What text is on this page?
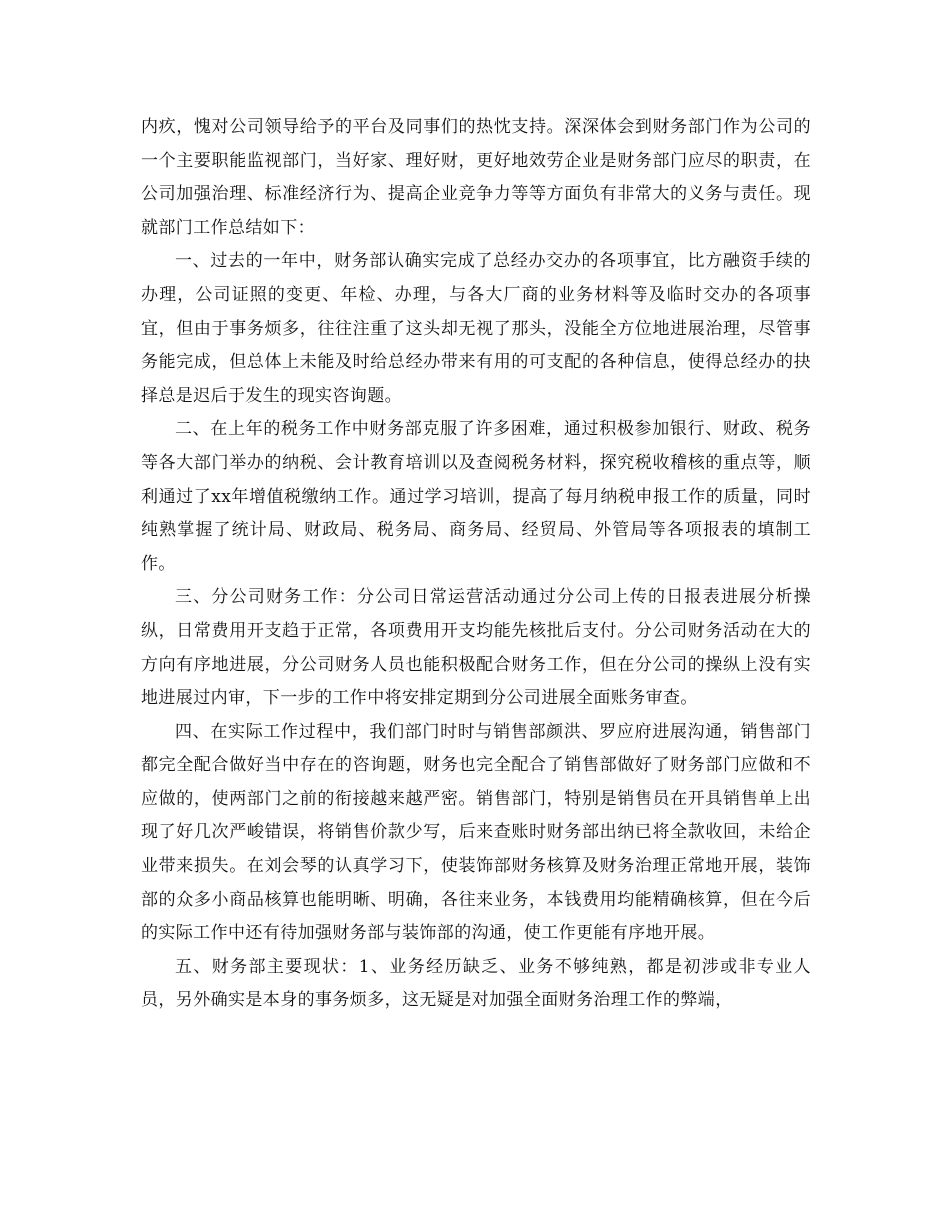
内疚，愧对公司领导给予的平台及同事们的热忱支持。深深体会到财务部门作为公司的一个主要职能监视部门，当好家、理好财，更好地效劳企业是财务部门应尽的职责，在公司加强治理、标准经济行为、提高企业竞争力等等方面负有非常大的义务与责任。现就部门工作总结如下：

一、过去的一年中，财务部认确实完成了总经办交办的各项事宜，比方融资手续的办理，公司证照的变更、年检、办理，与各大厂商的业务材料等及临时交办的各项事宜，但由于事务烦多，往往注重了这头却无视了那头，没能全方位地进展治理，尽管事务能完成，但总体上未能及时给总经办带来有用的可支配的各种信息，使得总经办的抉择总是迟后于发生的现实咨询题。

二、在上年的税务工作中财务部克服了许多困难，通过积极参加银行、财政、税务等各大部门举办的纳税、会计教育培训以及查阅税务材料，探究税收稽核的重点等，顺利通过了xx年增值税缴纳工作。通过学习培训，提高了每月纳税申报工作的质量，同时纯熟掌握了统计局、财政局、税务局、商务局、经贸局、外管局等各项报表的填制工作。

三、分公司财务工作：分公司日常运营活动通过分公司上传的日报表进展分析操纵，日常费用开支趋于正常，各项费用开支均能先核批后支付。分公司财务活动在大的方向有序地进展，分公司财务人员也能积极配合财务工作，但在分公司的操纵上没有实地进展过内审，下一步的工作中将安排定期到分公司进展全面账务审查。

四、在实际工作过程中，我们部门时时与销售部颜洪、罗应府进展沟通，销售部门都完全配合做好当中存在的咨询题，财务也完全配合了销售部做好了财务部门应做和不应做的，使两部门之前的衔接越来越严密。销售部门，特别是销售员在开具销售单上出现了好几次严峻错误，将销售价款少写，后来查账时财务部出纳已将全款收回，未给企业带来损失。在刘会琴的认真学习下，使装饰部财务核算及财务治理正常地开展，装饰部的众多小商品核算也能明晰、明确，各往来业务，本钱费用均能精确核算，但在今后的实际工作中还有待加强财务部与装饰部的沟通，使工作更能有序地开展。

五、财务部主要现状：1、业务经历缺乏、业务不够纯熟，都是初涉或非专业人员，另外确实是本身的事务烦多，这无疑是对加强全面财务治理工作的弊端，
